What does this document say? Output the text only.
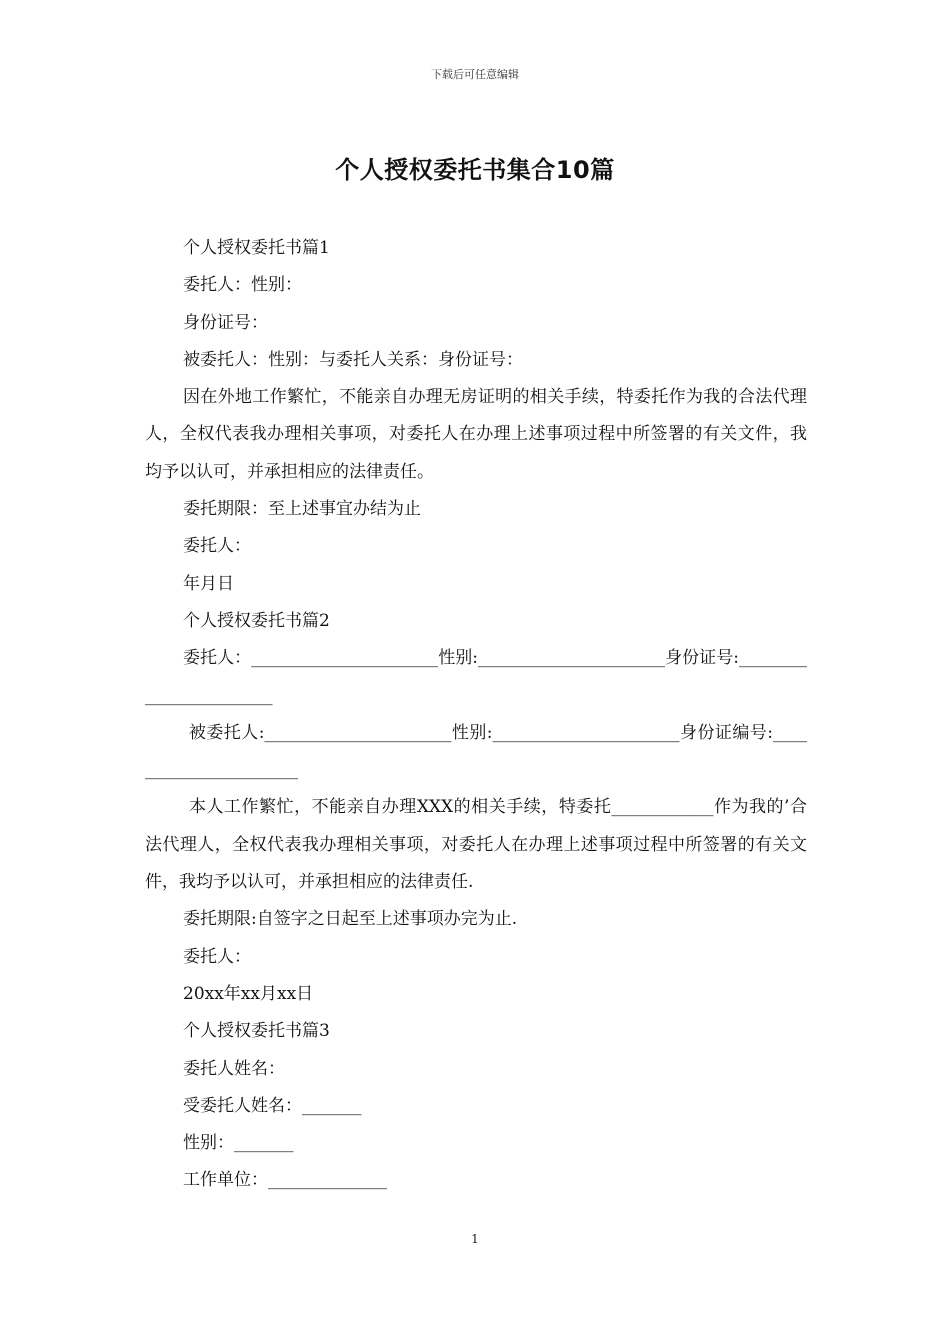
下载后可任意编辑
个人授权委托书集合10篇

个人授权委托书篇1

委托人：性别：

身份证号：

被委托人：性别：与委托人关系：身份证号：

因在外地工作繁忙，不能亲自办理无房证明的相关手续，特委托作为我的合法代理人，全权代表我办理相关事项，对委托人在办理上述事项过程中所签署的有关文件，我均予以认可，并承担相应的法律责任。

委托期限：至上述事宜办结为止

委托人：

年月日

个人授权委托书篇2

委托人：______________________性别:______________________身份证号:_______________________

被委托人:______________________性别:______________________身份证编号:______________________

本人工作繁忙，不能亲自办理XXX的相关手续，特委托____________作为我的’合法代理人，全权代表我办理相关事项，对委托人在办理上述事项过程中所签署的有关文件，我均予以认可，并承担相应的法律责任.

委托期限:自签字之日起至上述事项办完为止.

委托人：

20xx年xx月xx日

个人授权委托书篇3

委托人姓名：

受委托人姓名：_______

性别：_______

工作单位：______________

1
